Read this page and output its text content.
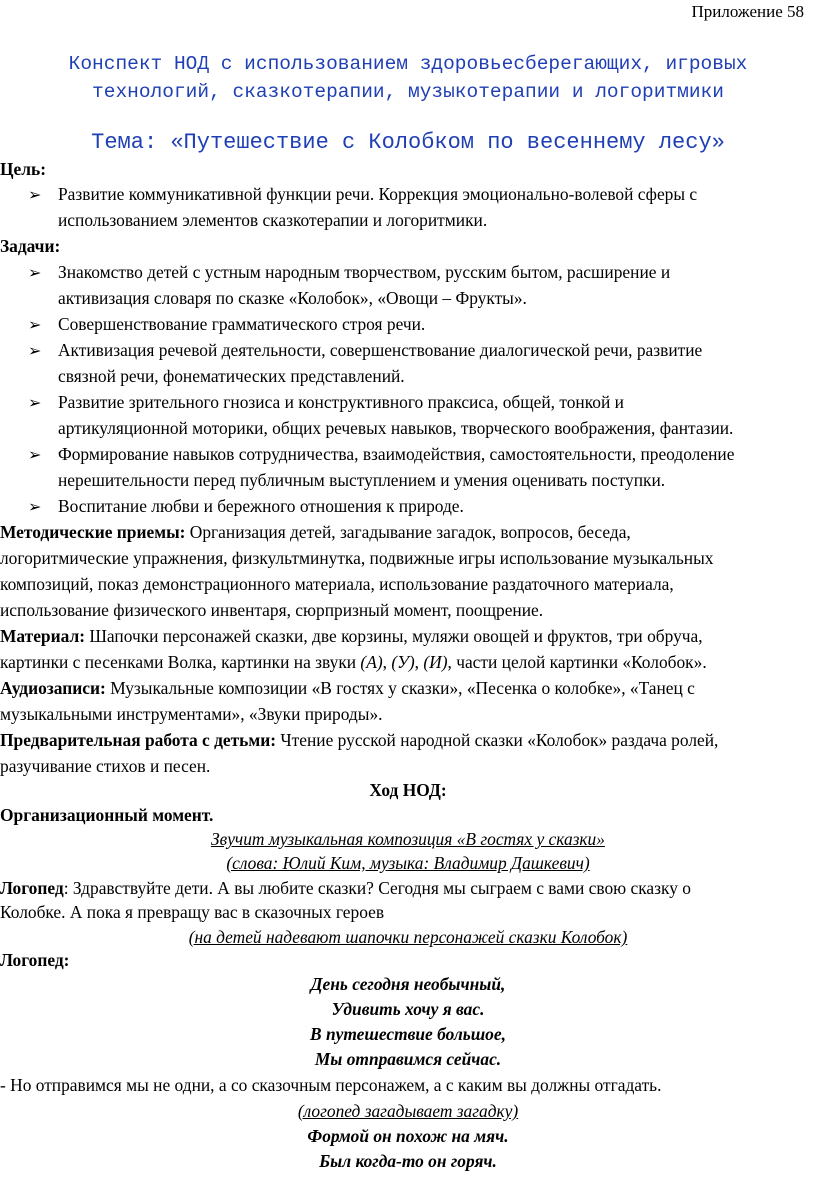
Приложение 58
Конспект НОД с использованием здоровьесберегающих, игровых
технологий, сказкотерапии, музыкотерапии и логоритмики
Тема: «Путешествие с Колобком по весеннему лесу»
Цель:
➢ Развитие коммуникативной функции речи. Коррекция эмоционально-волевой сферы с
использованием элементов сказкотерапии и логоритмики.
Задачи:
➢ Знакомство детей с устным народным творчеством, русским бытом, расширение и
активизация словаря по сказке «Колобок», «Овощи – Фрукты».
➢ Совершенствование грамматического строя речи.
➢ Активизация речевой деятельности, совершенствование диалогической речи, развитие
связной речи, фонематических представлений.
➢ Развитие зрительного гнозиса и конструктивного праксиса, общей, тонкой и
артикуляционной моторики, общих речевых навыков, творческого воображения, фантазии.
➢ Формирование навыков сотрудничества, взаимодействия, самостоятельности, преодоление
нерешительности перед публичным выступлением и умения оценивать поступки.
➢ Воспитание любви и бережного отношения к природе.
Методические приемы: Организация детей, загадывание загадок, вопросов, беседа,
логоритмические упражнения, физкультминутка, подвижные игры использование музыкальных
композиций, показ демонстрационного материала, использование раздаточного материала,
использование физического инвентаря, сюрпризный момент, поощрение.
Материал: Шапочки персонажей сказки, две корзины, муляжи овощей и фруктов, три обруча,
картинки с песенками Волка, картинки на звуки (А), (У), (И), части целой картинки «Колобок».
Аудиозаписи: Музыкальные композиции «В гостях у сказки», «Песенка о колобке», «Танец с
музыкальными инструментами», «Звуки природы».
Предварительная работа с детьми: Чтение русской народной сказки «Колобок» раздача ролей,
разучивание стихов и песен.
Ход НОД:
Организационный момент.
Звучит музыкальная композиция «В гостях у сказки»
(слова: Юлий Ким, музыка: Владимир Дашкевич)
Логопед: Здравствуйте дети. А вы любите сказки? Сегодня мы сыграем с вами свою сказку о
Колобке. А пока я превращу вас в сказочных героев
(на детей надевают шапочки персонажей сказки Колобок)
Логопед:
День сегодня необычный,
Удивить хочу я вас.
В путешествие большое,
Мы отправимся сейчас.
- Но отправимся мы не одни, а со сказочным персонажем, а с каким вы должны отгадать.
(логопед загадывает загадку)
Формой он похож на мяч.
Был когда-то он горяч.
